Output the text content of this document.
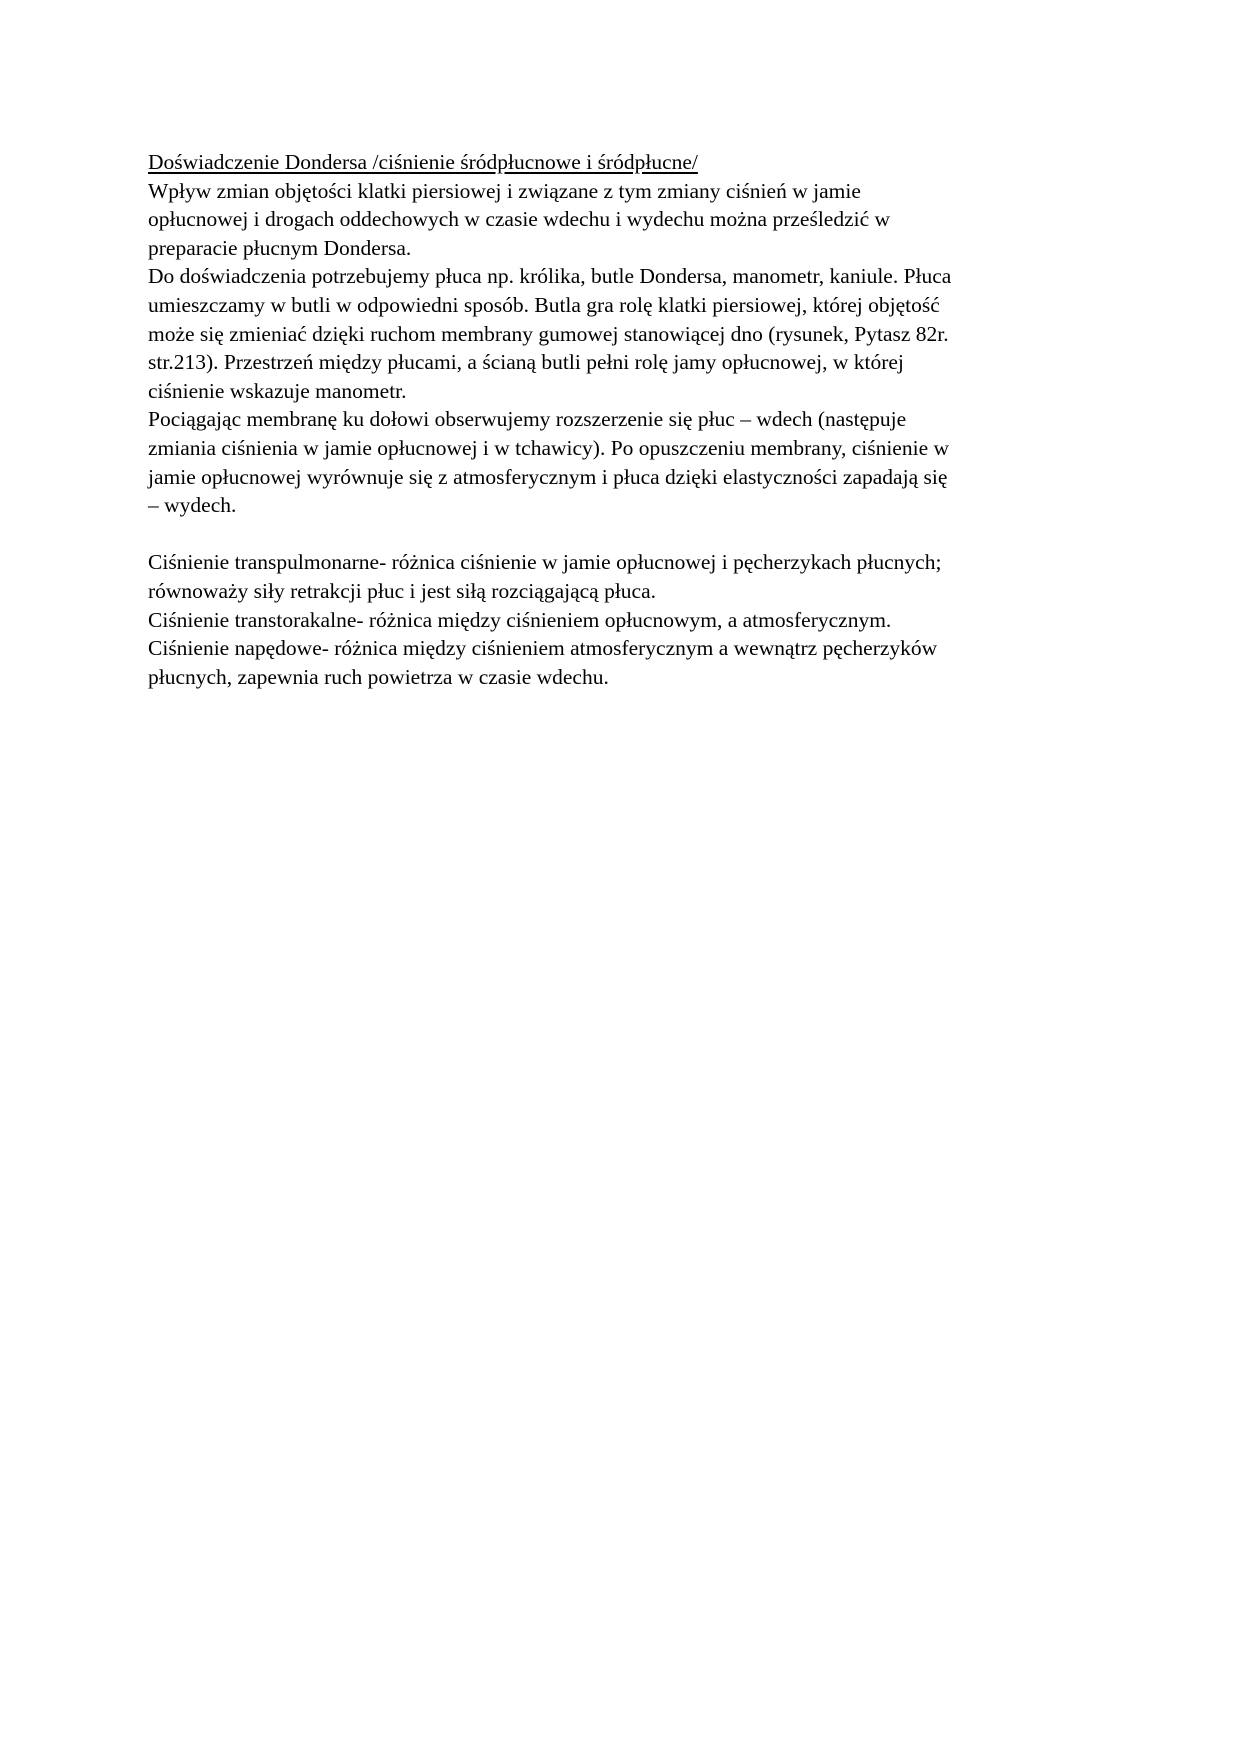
Doświadczenie Dondersa /ciśnienie śródpłucnowe i śródpłucne/
Wpływ zmian objętości klatki piersiowej i związane z tym zmiany ciśnień w jamie
opłucnowej i drogach oddechowych w czasie wdechu i wydechu można prześledzić w
preparacie płucnym Dondersa.
Do doświadczenia potrzebujemy płuca np. królika, butle Dondersa, manometr, kaniule. Płuca
umieszczamy w butli w odpowiedni sposób. Butla gra rolę klatki piersiowej, której objętość
może się zmieniać dzięki ruchom membrany gumowej stanowiącej dno (rysunek, Pytasz 82r.
str.213). Przestrzeń między płucami, a ścianą butli pełni rolę jamy opłucnowej, w której
ciśnienie wskazuje manometr.
Pociągając membranę ku dołowi obserwujemy rozszerzenie się płuc – wdech (następuje
zmiania ciśnienia w jamie opłucnowej i w tchawicy). Po opuszczeniu membrany, ciśnienie w
jamie opłucnowej wyrównuje się z atmosferycznym i płuca dzięki elastyczności zapadają się
– wydech.
Ciśnienie transpulmonarne- różnica ciśnienie w jamie opłucnowej i pęcherzykach płucnych;
równoważy siły retrakcji płuc i jest siłą rozciągającą płuca.
Ciśnienie transtorakalne- różnica między ciśnieniem opłucnowym, a atmosferycznym.
Ciśnienie napędowe- różnica między ciśnieniem atmosferycznym a wewnątrz pęcherzyków
płucnych, zapewnia ruch powietrza w czasie wdechu.
